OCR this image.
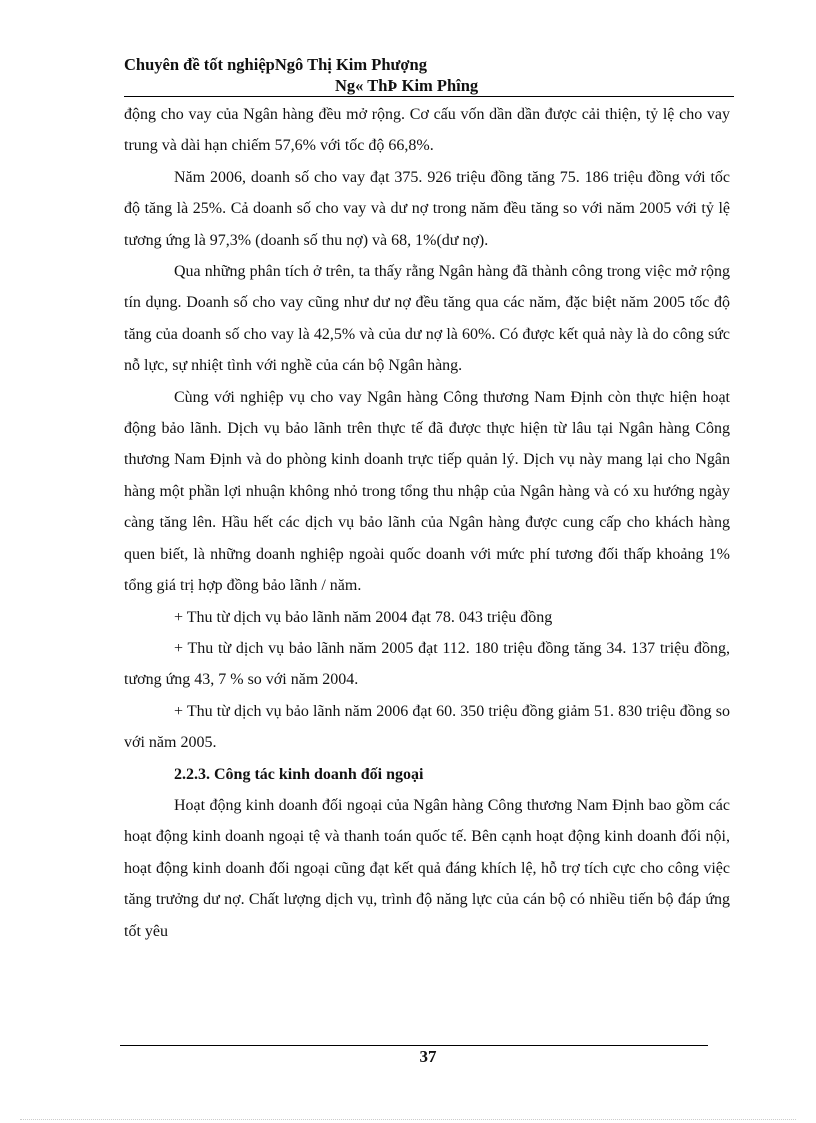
Chuyên đề tốt nghiệpNgô Thị Kim Phượng
Ng« ThÞ Kim Phîng

động cho vay của Ngân hàng đều mở rộng. Cơ cấu vốn dần dần được cải thiện, tỷ lệ cho vay trung và dài hạn chiếm 57,6% với tốc độ 66,8%.

Năm 2006, doanh số cho vay đạt 375. 926 triệu đồng tăng 75. 186 triệu đồng với tốc độ tăng là 25%. Cả doanh số cho vay và dư nợ trong năm đều tăng so với năm 2005 với tỷ lệ tương ứng là 97,3% (doanh số thu nợ) và 68, 1%(dư nợ).

Qua những phân tích ở trên, ta thấy rằng Ngân hàng đã thành công trong việc mở rộng tín dụng. Doanh số cho vay cũng như dư nợ đều tăng qua các năm, đặc biệt năm 2005 tốc độ tăng của doanh số cho vay là 42,5% và của dư nợ là 60%. Có được kết quả này là do công sức nỗ lực, sự nhiệt tình với nghề của cán bộ Ngân hàng.

Cùng với nghiệp vụ cho vay Ngân hàng Công thương Nam Định còn thực hiện hoạt động bảo lãnh. Dịch vụ bảo lãnh trên thực tế đã được thực hiện từ lâu tại Ngân hàng Công thương Nam Định và do phòng kinh doanh trực tiếp quản lý. Dịch vụ này mang lại cho Ngân hàng một phần lợi nhuận không nhỏ trong tổng thu nhập của Ngân hàng và có xu hướng ngày càng tăng lên. Hầu hết các dịch vụ bảo lãnh của Ngân hàng được cung cấp cho khách hàng quen biết, là những doanh nghiệp ngoài quốc doanh với mức phí tương đối thấp khoảng 1% tổng giá trị hợp đồng bảo lãnh / năm.

+ Thu từ dịch vụ bảo lãnh năm 2004 đạt 78. 043 triệu đồng

+ Thu từ dịch vụ bảo lãnh năm 2005 đạt 112. 180 triệu đồng tăng 34. 137 triệu đồng, tương ứng 43, 7 % so với năm 2004.

+ Thu từ dịch vụ bảo lãnh năm 2006 đạt 60. 350 triệu đồng giảm 51. 830 triệu đồng so với năm 2005.

2.2.3. Công tác kinh doanh đối ngoại

Hoạt động kinh doanh đối ngoại của Ngân hàng Công thương Nam Định bao gồm các hoạt động kinh doanh ngoại tệ và thanh toán quốc tế. Bên cạnh hoạt động kinh doanh đối nội, hoạt động kinh doanh đối ngoại cũng đạt kết quả đáng khích lệ, hỗ trợ tích cực cho công việc tăng trưởng dư nợ. Chất lượng dịch vụ, trình độ năng lực của cán bộ có nhiều tiến bộ đáp ứng tốt yêu

37
